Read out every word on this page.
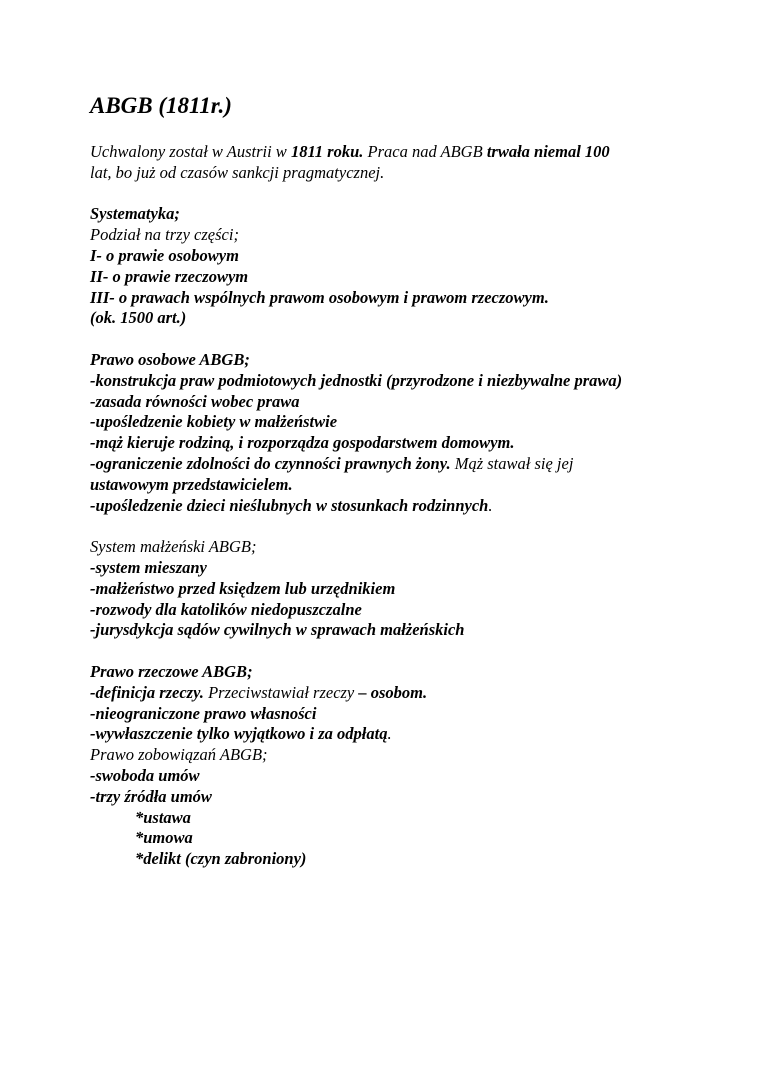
ABGB (1811r.)
Uchwalony został w Austrii w 1811 roku. Praca nad ABGB trwała niemal 100
lat, bo już od czasów sankcji pragmatycznej.
Systematyka;
Podział na trzy części;
I- o prawie osobowym
II- o prawie rzeczowym
III- o prawach wspólnych prawom osobowym i prawom rzeczowym.
(ok. 1500 art.)
Prawo osobowe ABGB;
-konstrukcja praw podmiotowych jednostki (przyrodzone i niezbywalne prawa)
-zasada równości wobec prawa
-upośledzenie kobiety w małżeństwie
-mąż kieruje rodziną, i rozporządza gospodarstwem domowym.
-ograniczenie zdolności do czynności prawnych żony. Mąż stawał się jej
ustawowym przedstawicielem.
-upośledzenie dzieci nieślubnych w stosunkach rodzinnych.
System małżeński ABGB;
-system mieszany
-małżeństwo przed księdzem lub urzędnikiem
-rozwody dla katolików niedopuszczalne
-jurysdykcja sądów cywilnych w sprawach małżeńskich
Prawo rzeczowe ABGB;
-definicja rzeczy. Przeciwstawiał rzeczy – osobom.
-nieograniczone prawo własności
-wywłaszczenie tylko wyjątkowo i za odpłatą.
Prawo zobowiązań ABGB;
-swoboda umów
-trzy źródła umów
*ustawa
*umowa
*delikt (czyn zabroniony)
